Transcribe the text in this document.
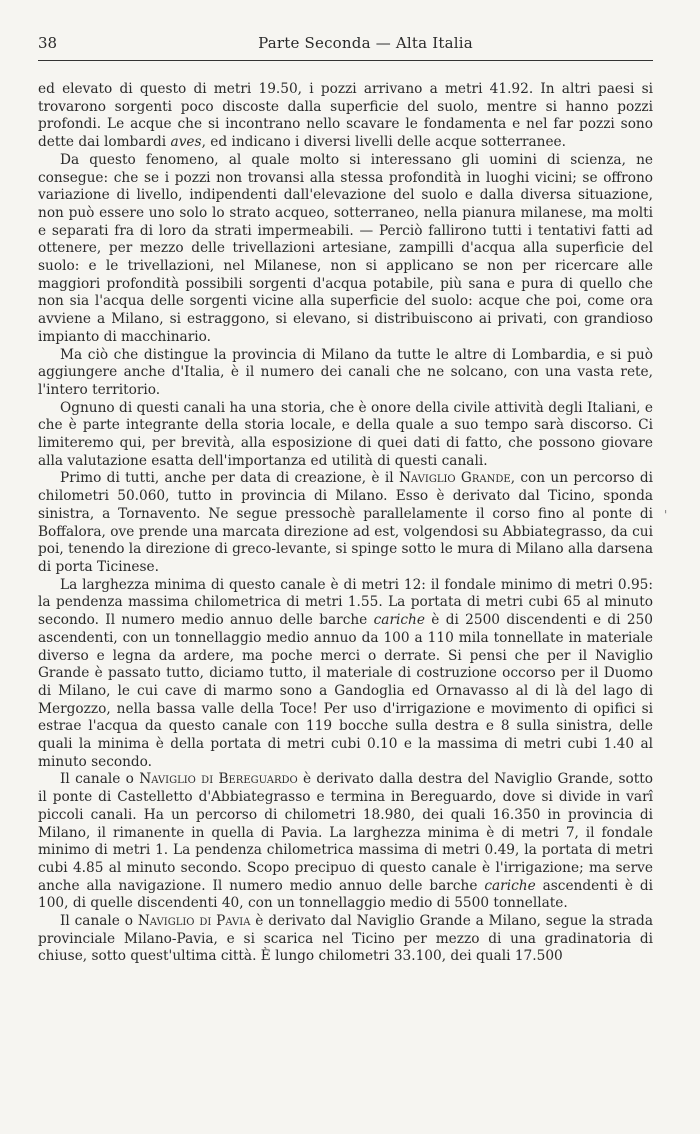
38	Parte Seconda — Alta Italia

ed elevato di questo di metri 19.50, i pozzi arrivano a metri 41.92. In altri paesi si trovarono sorgenti poco discoste dalla superficie del suolo, mentre si hanno pozzi profondi. Le acque che si incontrano nello scavare le fondamenta e nel far pozzi sono dette dai lombardi aves, ed indicano i diversi livelli delle acque sotterranee.

Da questo fenomeno, al quale molto si interessano gli uomini di scienza, ne consegue: che se i pozzi non trovansi alla stessa profondità in luoghi vicini; se offrono variazione di livello, indipendenti dall'elevazione del suolo e dalla diversa situazione, non può essere uno solo lo strato acqueo, sotterraneo, nella pianura milanese, ma molti e separati fra di loro da strati impermeabili. — Perciò fallirono tutti i tentativi fatti ad ottenere, per mezzo delle trivellazioni artesiane, zampilli d'acqua alla superficie del suolo: e le trivellazioni, nel Milanese, non si applicano se non per ricercare alle maggiori profondità possibili sorgenti d'acqua potabile, più sana e pura di quello che non sia l'acqua delle sorgenti vicine alla superficie del suolo: acque che poi, come ora avviene a Milano, si estraggono, si elevano, si distribuiscono ai privati, con grandioso impianto di macchinario.

Ma ciò che distingue la provincia di Milano da tutte le altre di Lombardia, e si può aggiungere anche d'Italia, è il numero dei canali che ne solcano, con una vasta rete, l'intero territorio.

Ognuno di questi canali ha una storia, che è onore della civile attività degli Italiani, e che è parte integrante della storia locale, e della quale a suo tempo sarà discorso. Ci limiteremo qui, per brevità, alla esposizione di quei dati di fatto, che possono giovare alla valutazione esatta dell'importanza ed utilità di questi canali.

Primo di tutti, anche per data di creazione, è il Naviglio Grande, con un percorso di chilometri 50.060, tutto in provincia di Milano. Esso è derivato dal Ticino, sponda sinistra, a Tornavento. Ne segue pressochè parallelamente il corso fino al ponte di Boffalora, ove prende una marcata direzione ad est, volgendosi su Abbiategrasso, da cui poi, tenendo la direzione di greco-levante, si spinge sotto le mura di Milano alla darsena di porta Ticinese.

La larghezza minima di questo canale è di metri 12: il fondale minimo di metri 0.95: la pendenza massima chilometrica di metri 1.55. La portata di metri cubi 65 al minuto secondo. Il numero medio annuo delle barche cariche è di 2500 discendenti e di 250 ascendenti, con un tonnellaggio medio annuo da 100 a 110 mila tonnellate in materiale diverso e legna da ardere, ma poche merci o derrate. Si pensi che per il Naviglio Grande è passato tutto, diciamo tutto, il materiale di costruzione occorso per il Duomo di Milano, le cui cave di marmo sono a Gandoglia ed Ornavasso al di là del lago di Mergozzo, nella bassa valle della Toce! Per uso d'irrigazione e movimento di opifici si estrae l'acqua da questo canale con 119 bocche sulla destra e 8 sulla sinistra, delle quali la minima è della portata di metri cubi 0.10 e la massima di metri cubi 1.40 al minuto secondo.

Il canale o Naviglio di Bereguardo è derivato dalla destra del Naviglio Grande, sotto il ponte di Castelletto d'Abbiategrasso e termina in Bereguardo, dove si divide in varî piccoli canali. Ha un percorso di chilometri 18.980, dei quali 16.350 in provincia di Milano, il rimanente in quella di Pavia. La larghezza minima è di metri 7, il fondale minimo di metri 1. La pendenza chilometrica massima di metri 0.49, la portata di metri cubi 4.85 al minuto secondo. Scopo precipuo di questo canale è l'irrigazione; ma serve anche alla navigazione. Il numero medio annuo delle barche cariche ascendenti è di 100, di quelle discendenti 40, con un tonnellaggio medio di 5500 tonnellate.

Il canale o Naviglio di Pavia è derivato dal Naviglio Grande a Milano, segue la strada provinciale Milano-Pavia, e si scarica nel Ticino per mezzo di una gradinatoria di chiuse, sotto quest'ultima città. È lungo chilometri 33.100, dei quali 17.500

'
